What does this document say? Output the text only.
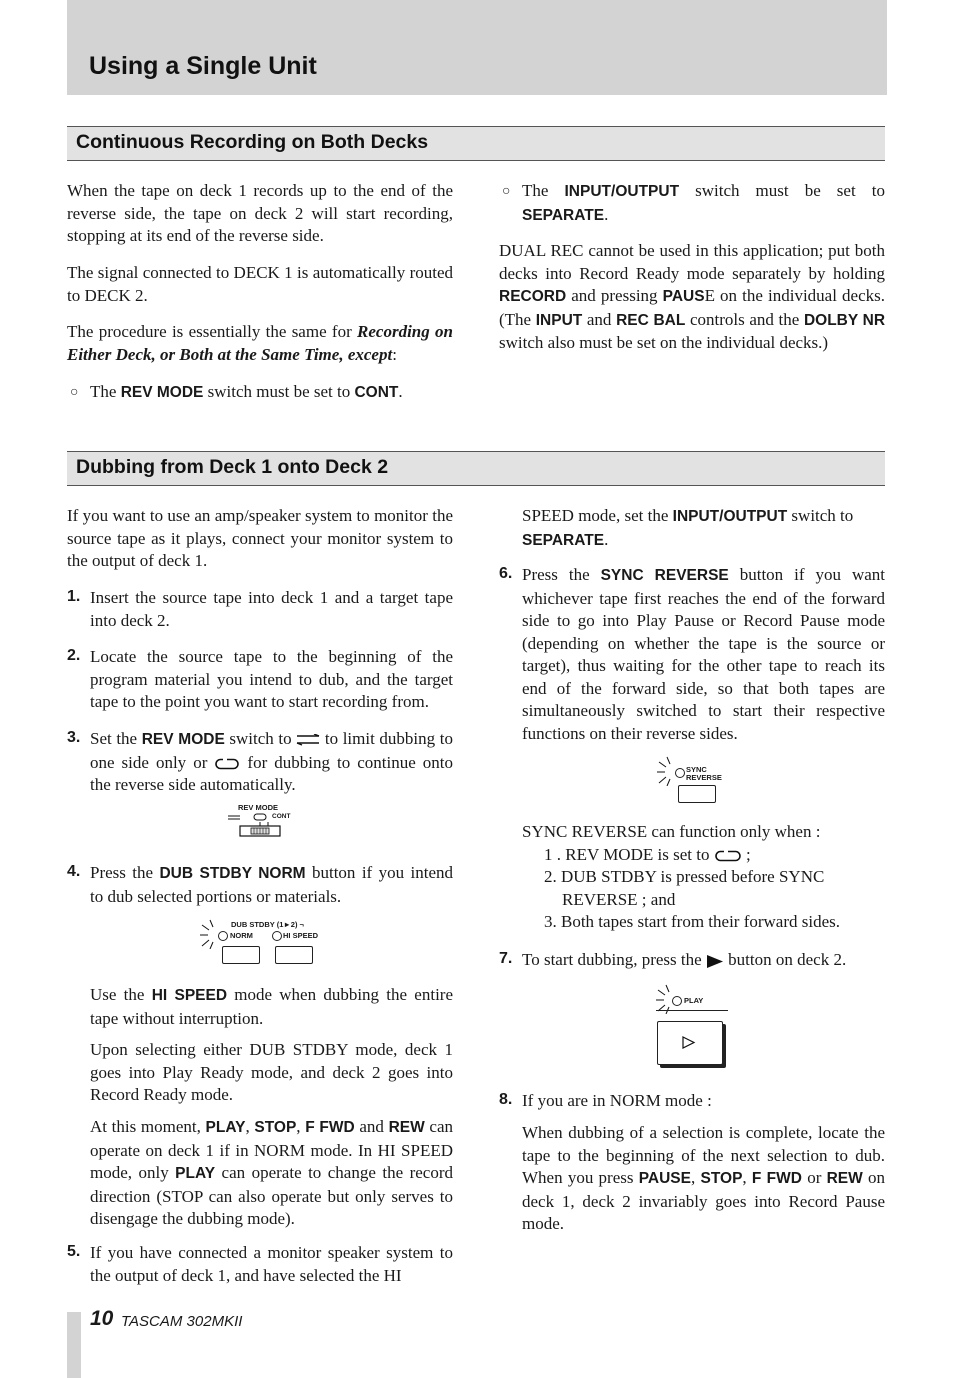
Using a Single Unit
Continuous Recording on Both Decks

When the tape on deck 1 records up to the end of the reverse side, the tape on deck 2 will start recording, stopping at its end of the reverse side.

The signal connected to DECK 1 is automatically routed to DECK 2.

The procedure is essentially the same for Recording on Either Deck, or Both at the Same Time, except:

○ The REV MODE switch must be set to CONT.

○ The INPUT/OUTPUT switch must be set to SEPARATE.

DUAL REC cannot be used in this application; put both decks into Record Ready mode separately by holding RECORD and pressing PAUSE on the individual decks. (The INPUT and REC BAL controls and the DOLBY NR switch also must be set on the individual decks.)

Dubbing from Deck 1 onto Deck 2

If you want to use an amp/speaker system to monitor the source tape as it plays, connect your monitor system to the output of deck 1.

1. Insert the source tape into deck 1 and a target tape into deck 2.

2. Locate the source tape to the beginning of the program material you intend to dub, and the target tape to the point you want to start recording from.

3. Set the REV MODE switch to  to limit dubbing to one side only or  for dubbing to continue onto the reverse side automatically.

REV MODE
CONT
4. Press the DUB STDBY NORM button if you intend to dub selected portions or materials.

DUB STDBY (1►2) ¬
NORM	HI SPEED

Use the HI SPEED mode when dubbing the entire tape without interruption.

Upon selecting either DUB STDBY mode, deck 1 goes into Play Ready mode, and deck 2 goes into Record Ready mode.

At this moment, PLAY, STOP, F FWD and REW can operate on deck 1 if in NORM mode. In HI SPEED mode, only PLAY can operate to change the record direction (STOP can also operate but only serves to disengage the dubbing mode).

5. If you have connected a monitor speaker system to the output of deck 1, and have selected the HI

SPEED mode, set the INPUT/OUTPUT switch to
SEPARATE.

6. Press the SYNC REVERSE button if you want whichever tape first reaches the end of the forward side to go into Play Pause or Record Pause mode (depending on whether the tape is the source or target), thus waiting for the other tape to reach its end of the forward side, so that both tapes are simultaneously switched to start their respective functions on their reverse sides.

SYNC
REVERSE

SYNC REVERSE can function only when :

1 . REV MODE is set to  ;

2. DUB STDBY is pressed before SYNC

REVERSE ; and

3. Both tapes start from their forward sides.

7. To start dubbing, press the  button on deck 2.

PLAY
8. If you are in NORM mode :

When dubbing of a selection is complete, locate the tape to the beginning of the next selection to dub. When you press PAUSE, STOP, F FWD or REW on deck 1, deck 2 invariably goes into Record Pause mode.

10 TASCAM 302MKII
